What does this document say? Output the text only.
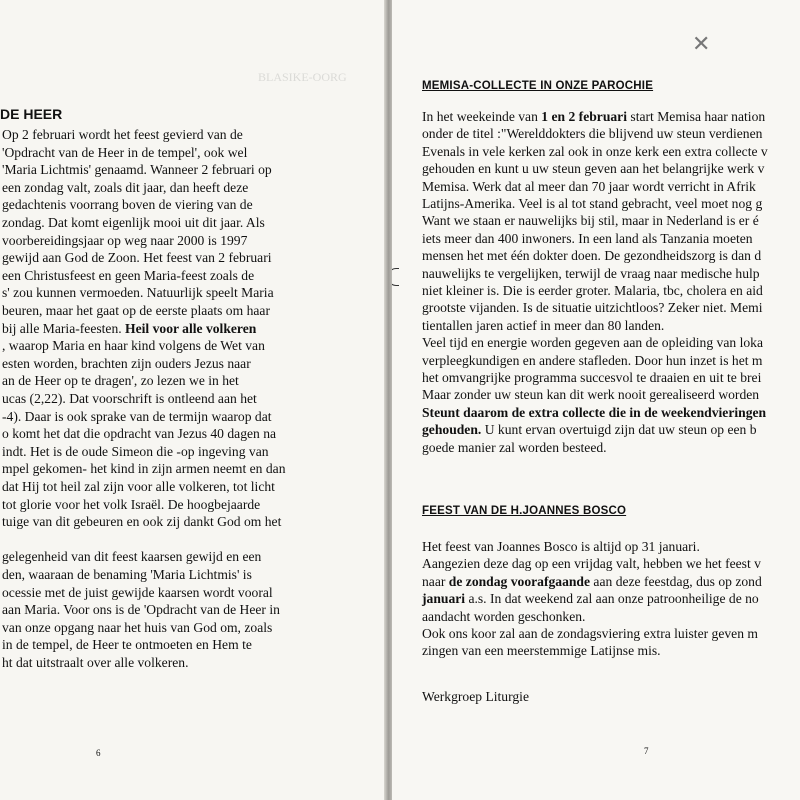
BLASIKE-OORG
DE HEER
Op 2 februari wordt het feest gevierd van de
'Opdracht van de Heer in de tempel', ook wel
'Maria Lichtmis' genaamd. Wanneer 2 februari op
een zondag valt, zoals dit jaar, dan heeft deze
gedachtenis voorrang boven de viering van de
zondag. Dat komt eigenlijk mooi uit dit jaar. Als
voorbereidingsjaar op weg naar 2000 is 1997
gewijd aan God de Zoon. Het feest van 2 februari
een Christusfeest en geen Maria-feest zoals de
s' zou kunnen vermoeden. Natuurlijk speelt Maria
beuren, maar het gaat op de eerste plaats om haar
bij alle Maria-feesten. Heil voor alle volkeren
, waarop Maria en haar kind volgens de Wet van
esten worden, brachten zijn ouders Jezus naar
an de Heer op te dragen', zo lezen we in het
ucas (2,22). Dat voorschrift is ontleend aan het
-4). Daar is ook sprake van de termijn waarop dat
o komt het dat die opdracht van Jezus 40 dagen na
indt. Het is de oude Simeon die -op ingeving van
mpel gekomen- het kind in zijn armen neemt en dan
dat Hij tot heil zal zijn voor alle volkeren, tot licht
tot glorie voor het volk Israël. De hoogbejaarde
tuige van dit gebeuren en ook zij dankt God om het
gelegenheid van dit feest kaarsen gewijd en een
den, waaraan de benaming 'Maria Lichtmis' is
ocessie met de juist gewijde kaarsen wordt vooral
aan Maria. Voor ons is de 'Opdracht van de Heer in
van onze opgang naar het huis van God om, zoals
in de tempel, de Heer te ontmoeten en Hem te
ht dat uitstraalt over alle volkeren.
6
✕
MEMISA-COLLECTE IN ONZE PAROCHIE
In het weekeinde van 1 en 2 februari start Memisa haar nation
onder de titel :"Werelddokters die blijvend uw steun verdienen
Evenals in vele kerken zal ook in onze kerk een extra collecte v
gehouden en kunt u uw steun geven aan het belangrijke werk v
Memisa. Werk dat al meer dan 70 jaar wordt verricht in Afrik
Latijns-Amerika. Veel is al tot stand gebracht, veel moet nog g
Want we staan er nauwelijks bij stil, maar in Nederland is er é
iets meer dan 400 inwoners. In een land als Tanzania moeten
mensen het met één dokter doen. De gezondheidszorg is dan d
nauwelijks te vergelijken, terwijl de vraag naar medische hulp
niet kleiner is. Die is eerder groter. Malaria, tbc, cholera en aid
grootste vijanden. Is de situatie uitzichtloos? Zeker niet. Memi
tientallen jaren actief in meer dan 80 landen.
Veel tijd en energie worden gegeven aan de opleiding van loka
verpleegkundigen en andere stafleden. Door hun inzet is het m
het omvangrijke programma succesvol te draaien en uit te brei
Maar zonder uw steun kan dit werk nooit gerealiseerd worden
Steunt daarom de extra collecte die in de weekendvieringen
gehouden. U kunt ervan overtuigd zijn dat uw steun op een b
goede manier zal worden besteed.
FEEST VAN DE H.JOANNES BOSCO
Het feest van Joannes Bosco is altijd op 31 januari.
Aangezien deze dag op een vrijdag valt, hebben we het feest v
naar de zondag voorafgaande aan deze feestdag, dus op zond
januari a.s. In dat weekend zal aan onze patroonheilige de no
aandacht worden geschonken.
Ook ons koor zal aan de zondagsviering extra luister geven m
zingen van een meerstemmige Latijnse mis.
Werkgroep Liturgie
7
